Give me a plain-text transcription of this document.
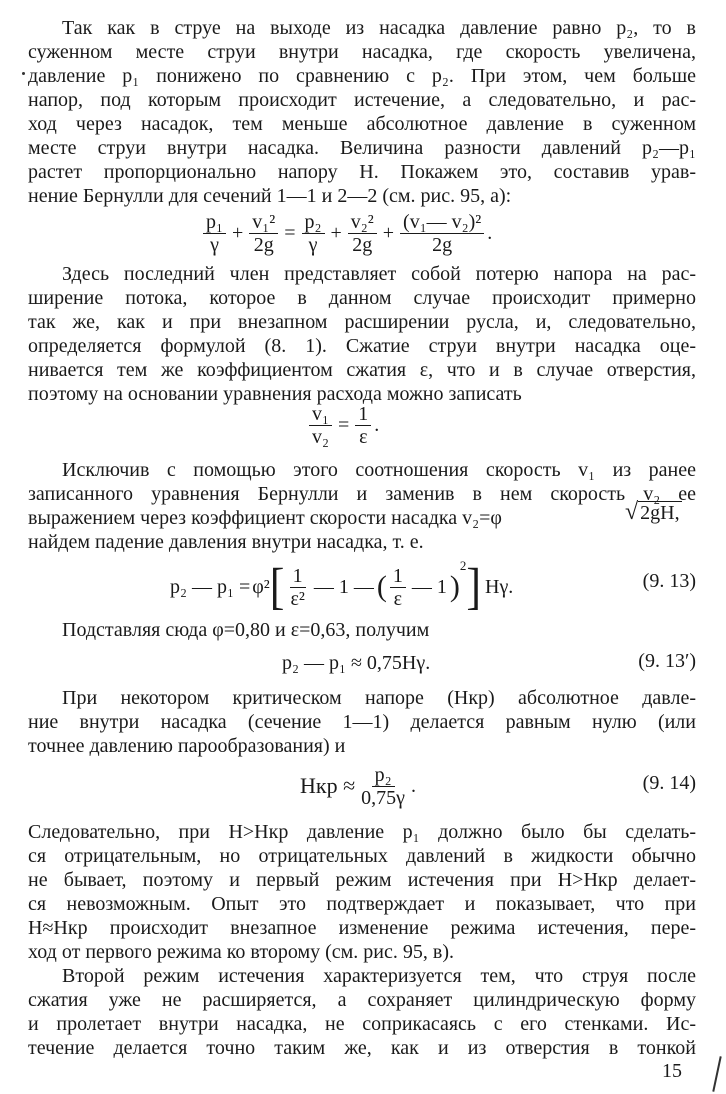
Так как в струе на выходе из насадка давление равно p₂, то в
суженном месте струи внутри насадка, где скорость увеличена,
давление p₁ понижено по сравнению с p₂. При этом, чем больше
напор, под которым происходит истечение, а следовательно, и рас-
ход через насадок, тем меньше абсолютное давление в суженном
месте струи внутри насадка. Величина разности давлений p₂—p₁
растет пропорционально напору H. Покажем это, составив урав-
нение Бернулли для сечений 1—1 и 2—2 (см. рис. 95, а):
$\frac{\text{p₁}}{\gamma} + \frac{\text{v₁²}}{2g} = \frac{\text{p₂}}{\gamma} + \frac{\text{v₂²}}{2g} + \frac{\text{(v₁— v₂)²}}{2g}$ .
Здесь последний член представляет собой потерю напора на рас-
ширение потока, которое в данном случае происходит примерно
так же, как и при внезапном расширении русла, и, следовательно,
определяется формулой (8. 1). Сжатие струи внутри насадка оце-
нивается тем же коэффициентом сжатия ε, что и в случае отверстия,
поэтому на основании уравнения расхода можно записать
$\frac{\text{v₁}}{\text{v₂}} = \frac{1}{\varepsilon}$ .
Исключив с помощью этого соотношения скорость v₁ из ранее
записанного уравнения Бернулли и заменив в нем скорость v₂ ее
выражением через коэффициент скорости насадка v₂=φ	√ 2gH,
найдем падение давления внутри насадка, т. е.
p₂ — p₁ = φ² [ $\frac{1}{\text{ε²}}$ — 1 — ( $\frac{1}{\varepsilon}$ — 1 )
$^2$ ] Hγ.	(9. 13)
Подставляя сюда φ=0,80 и ε=0,63, получим
p₂ — p₁ ≈ 0,75Hγ.	(9. 13′)
При некотором критическом напоре (Hкр) абсолютное давле-
ние внутри насадка (сечение 1—1) делается равным нулю (или
точнее давлению парообразования) и
Hкр ≈ $\frac{\text{p₂}}{0,75\gamma}$ .	(9. 14)
Следовательно, при H>Hкр давление p₁ должно было бы сделать-
ся отрицательным, но отрицательных давлений в жидкости обычно
не бывает, поэтому и первый режим истечения при H>Hкр делает-
ся невозможным. Опыт это подтверждает и показывает, что при
H≈Hкр происходит внезапное изменение режима истечения, пере-
ход от первого режима ко второму (см. рис. 95, в).
Второй режим истечения характеризуется тем, что струя после
сжатия уже не расширяется, а сохраняет цилиндрическую форму
и пролетает внутри насадка, не соприкасаясь с его стенками. Ис-
течение делается точно таким же, как и из отверстия в тонкой
15
